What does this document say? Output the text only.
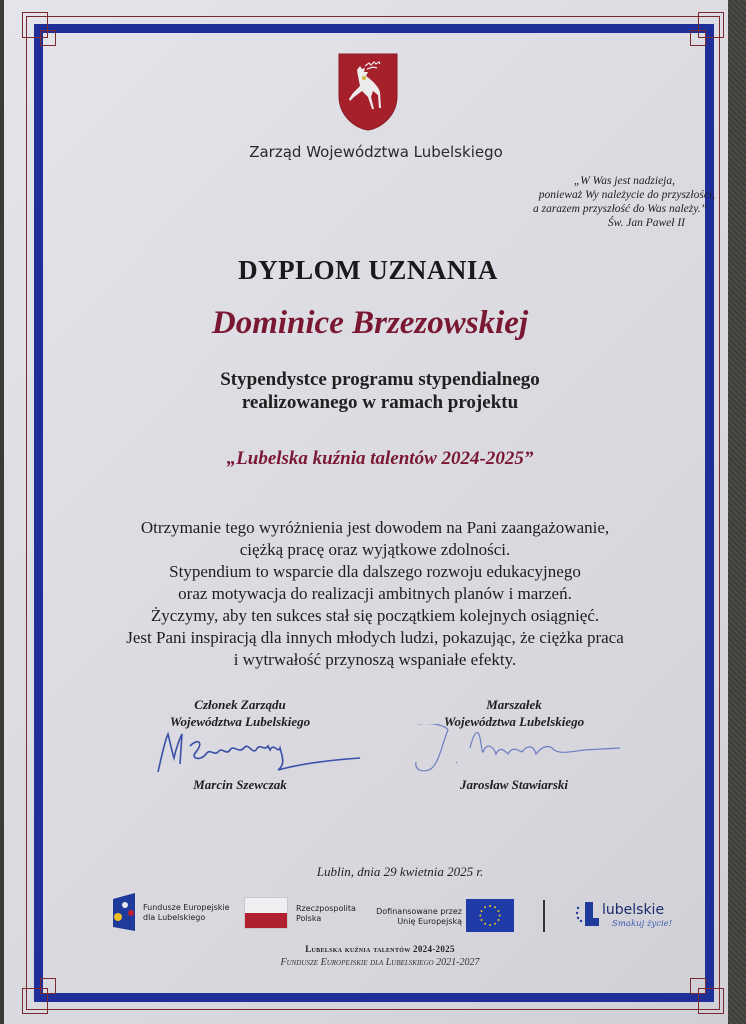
Zarząd Województwa Lubelskiego
„W Was jest nadzieja,
ponieważ Wy należycie do przyszłości,
a zarazem przyszłość do Was należy.”
Św. Jan Paweł II
DYPLOM UZNANIA
Dominice Brzezowskiej
Stypendystce programu stypendialnego
realizowanego w ramach projektu
„Lubelska kuźnia talentów 2024-2025”
Otrzymanie tego wyróżnienia jest dowodem na Pani zaangażowanie,
ciężką pracę oraz wyjątkowe zdolności.
Stypendium to wsparcie dla dalszego rozwoju edukacyjnego
oraz motywacja do realizacji ambitnych planów i marzeń.
Życzymy, aby ten sukces stał się początkiem kolejnych osiągnięć.
Jest Pani inspiracją dla innych młodych ludzi, pokazując, że ciężka praca
i wytrwałość przynoszą wspaniałe efekty.
Członek Zarządu
Województwa Lubelskiego
Marcin Szewczak
Marszałek
Województwa Lubelskiego
Jarosław Stawiarski
Lublin, dnia 29 kwietnia 2025 r.
Fundusze Europejskie
dla Lubelskiego
Rzeczpospolita
Polska
Dofinansowane przez
Unię Europejską
lubelskie
Smakuj życie!
Lubelska kuźnia talentów 2024-2025
Fundusze Europejskie dla Lubelskiego 2021-2027
